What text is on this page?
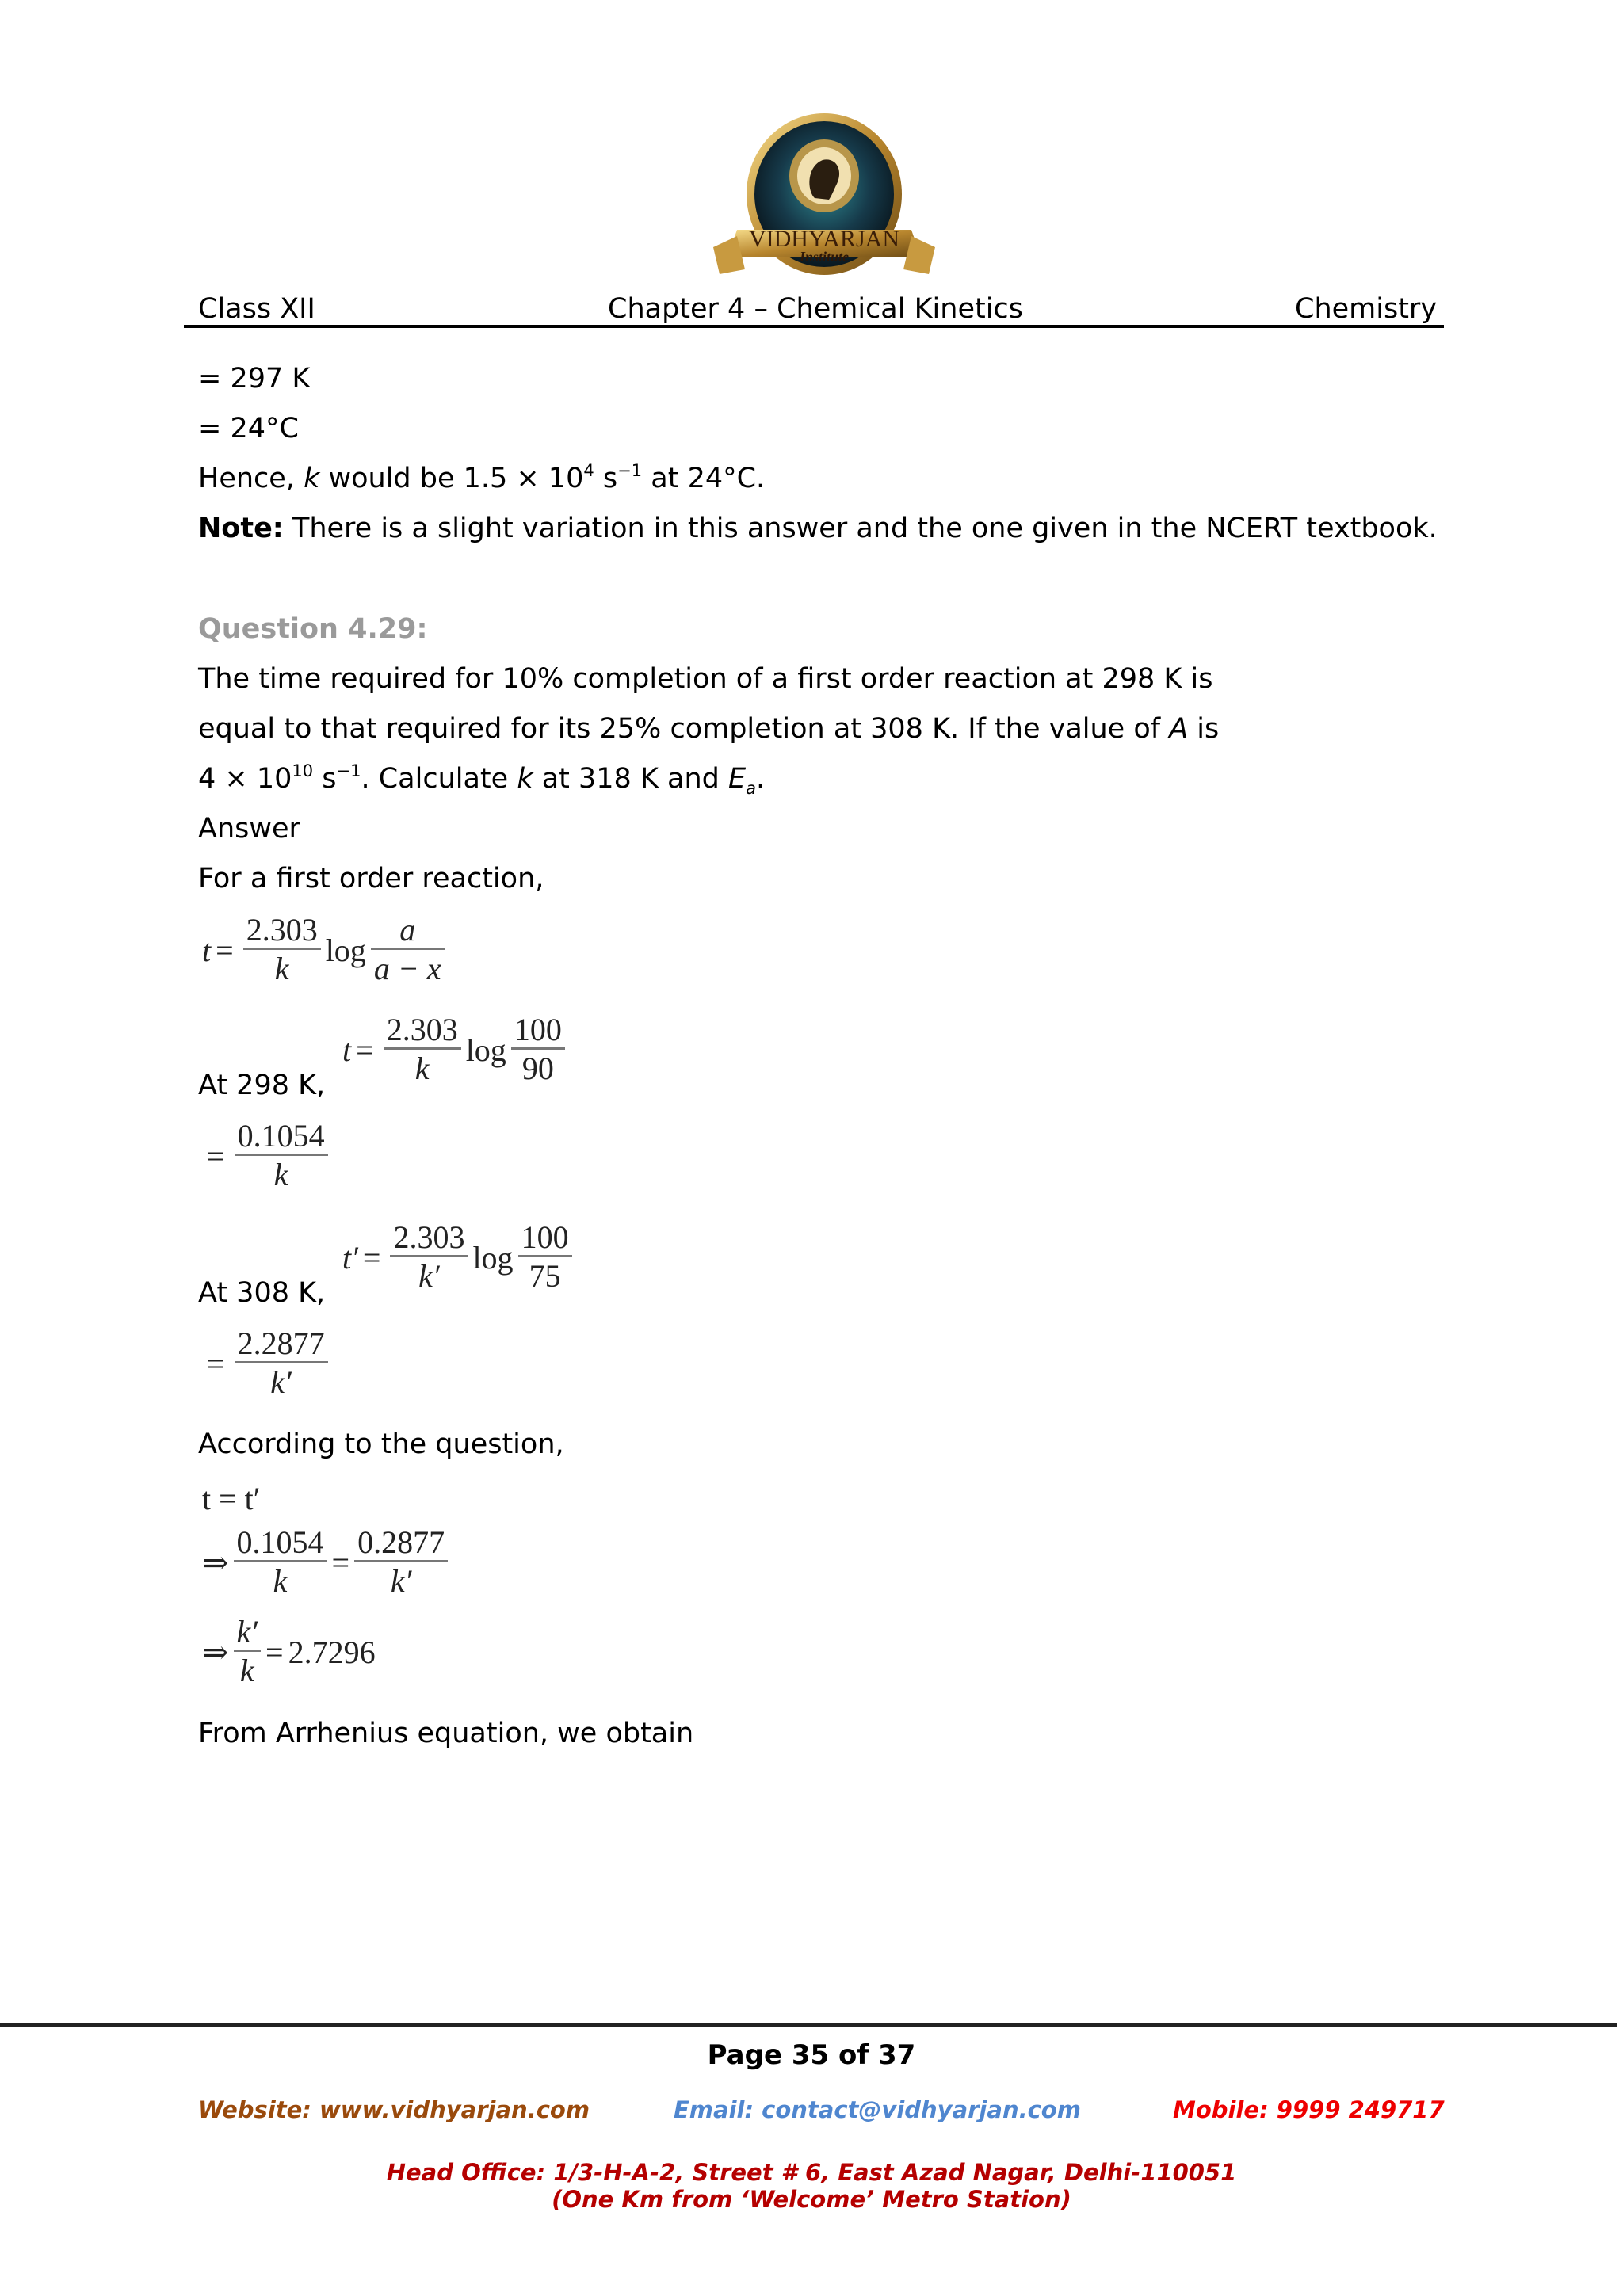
VIDHYARJAN
Institute
Class XII	Chapter 4 – Chemical Kinetics	Chemistry
= 297 K
= 24°C
Hence, k would be $1.5 \times 10^4$ $s^{-1}$ at 24°C.
Note: There is a slight variation in this answer and the one given in the NCERT textbook.
Question 4.29:
The time required for 10% completion of a first order reaction at 298 K is
equal to that required for its 25% completion at 308 K. If the value of A is
$4 \times 10^{10}$ $s^{-1}$. Calculate k at 318 K and $E_a$.
Answer
For a first order reaction,
$t = \frac{2.303}{k}$ $\log \frac{a}{a - x}$
At 298 K,
$t = \frac{2.303}{k}$ $\log \frac{100}{90}$
= $\frac{0.1054}{k}$
At 308 K,
$t' = \frac{2.303}{k'}$ $\log \frac{100}{75}$
= $\frac{2.2877}{k'}$
According to the question,
t = t′
⇒ $\frac{0.1054}{k} = \frac{0.2877}{k'}$
⇒ $\frac{k'}{k} = 2.7296$
From Arrhenius equation, we obtain
Page 35 of 37
Website: www.vidhyarjan.com	Email: contact@vidhyarjan.com	Mobile: 9999 249717
Head Office: 1/3-H-A-2, Street # 6, East Azad Nagar, Delhi-110051
(One Km from ‘Welcome’ Metro Station)
